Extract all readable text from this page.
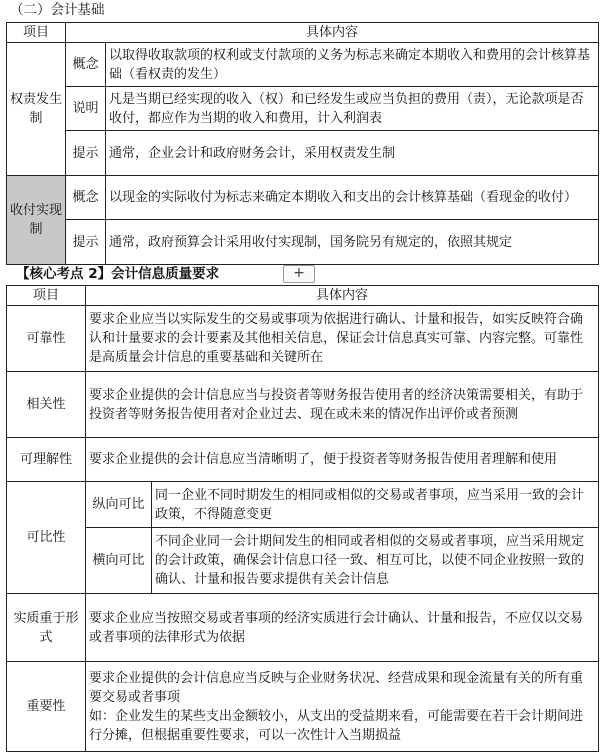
（二）会计基础
项目	具体内容	
权责发生制	概念	以取得收取款项的权利或支付款项的义务为标志来确定本期收入和费用的会计核算基础（看权责的发生）
	说明	凡是当期已经实现的收入（权）和已经发生或应当负担的费用（责），无论款项是否收付，都应作为当期的收入和费用，计入利润表
	提示	通常，企业会计和政府财务会计，采用权责发生制
收付实现制	概念	以现金的实际收付为标志来确定本期收入和支出的会计核算基础（看现金的收付）
	提示	通常，政府预算会计采用收付实现制，国务院另有规定的，依照其规定
【核心考点 2】会计信息质量要求	+
项目	具体内容	
可靠性	要求企业应当以实际发生的交易或事项为依据进行确认、计量和报告，如实反映符合确认和计量要求的会计要素及其他相关信息，保证会计信息真实可靠、内容完整。可靠性是高质量会计信息的重要基础和关键所在	
相关性	要求企业提供的会计信息应当与投资者等财务报告使用者的经济决策需要相关，有助于投资者等财务报告使用者对企业过去、现在或未来的情况作出评价或者预测	
可理解性	要求企业提供的会计信息应当清晰明了，便于投资者等财务报告使用者理解和使用	
可比性	纵向可比	同一企业不同时期发生的相同或相似的交易或者事项，应当采用一致的会计政策，不得随意变更
	横向可比	不同企业同一会计期间发生的相同或者相似的交易或者事项，应当采用规定的会计政策，确保会计信息口径一致、相互可比，以使不同企业按照一致的确认、计量和报告要求提供有关会计信息
实质重于形式	要求企业应当按照交易或者事项的经济实质进行会计确认、计量和报告，不应仅以交易或者事项的法律形式为依据	
重要性	要求企业提供的会计信息应当反映与企业财务状况、经营成果和现金流量有关的所有重要交易或者事项
如：企业发生的某些支出金额较小，从支出的受益期来看，可能需要在若干会计期间进行分摊，但根据重要性要求，可以一次性计入当期损益	
